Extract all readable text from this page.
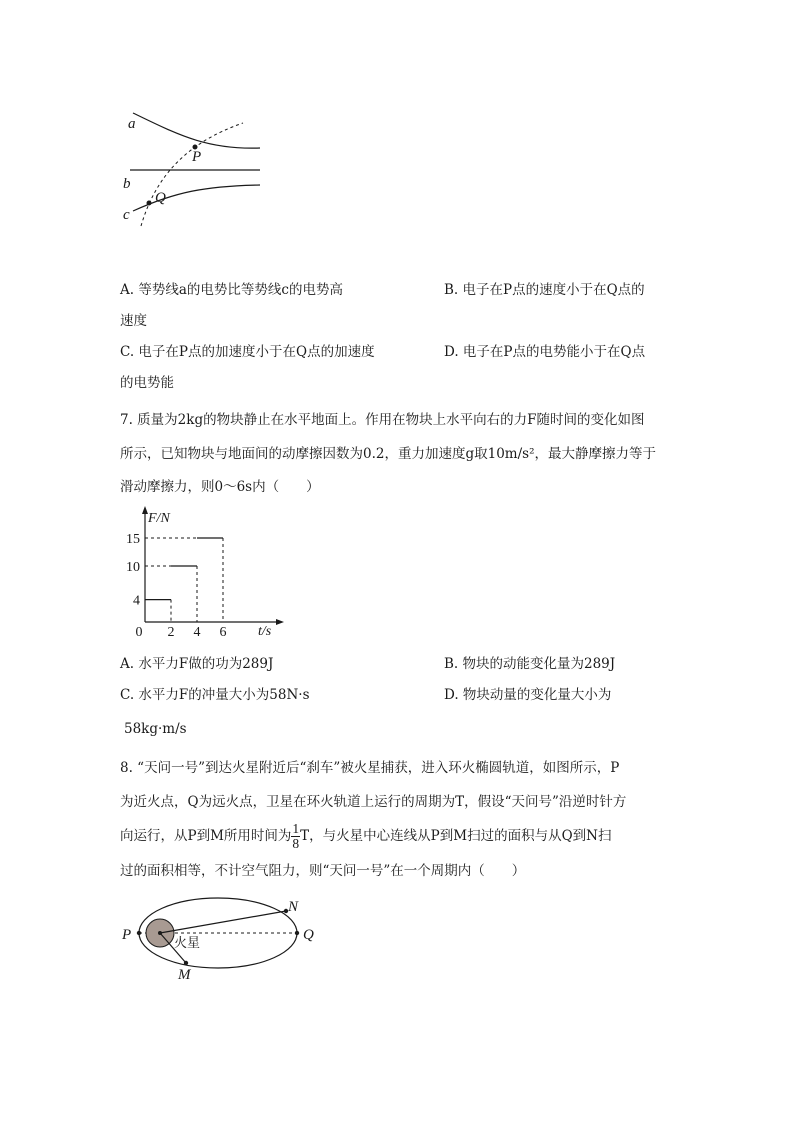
a
b
c
P
Q
A. 等势线a的电势比等势线c的电势高	B. 电子在P点的速度小于在Q点的
速度
C. 电子在P点的加速度小于在Q点的加速度	D. 电子在P点的电势能小于在Q点
的电势能
7. 质量为2kg的物块静止在水平地面上。作用在物块上水平向右的力F随时间的变化如图
所示，已知物块与地面间的动摩擦因数为0.2，重力加速度g取10m/s²，最大静摩擦力等于
滑动摩擦力，则0～6s内（　　）
F/N
t/s
4
10
15
0 2 4 6
A. 水平力F做的功为289J	B. 物块的动能变化量为289J
C. 水平力F的冲量大小为58N·s	D. 物块动量的变化量大小为
58kg·m/s
8. “天问一号”到达火星附近后“刹车”被火星捕获，进入环火椭圆轨道，如图所示，P
为近火点，Q为远火点，卫星在环火轨道上运行的周期为T，假设“天问号”沿逆时针方
向运行，从P到M所用时间为 $\frac{1}{8}$ T，与火星中心连线从P到M扫过的面积与从Q到N扫
过的面积相等，不计空气阻力，则“天问一号”在一个周期内（　　）
P	Q
N
M
火星
